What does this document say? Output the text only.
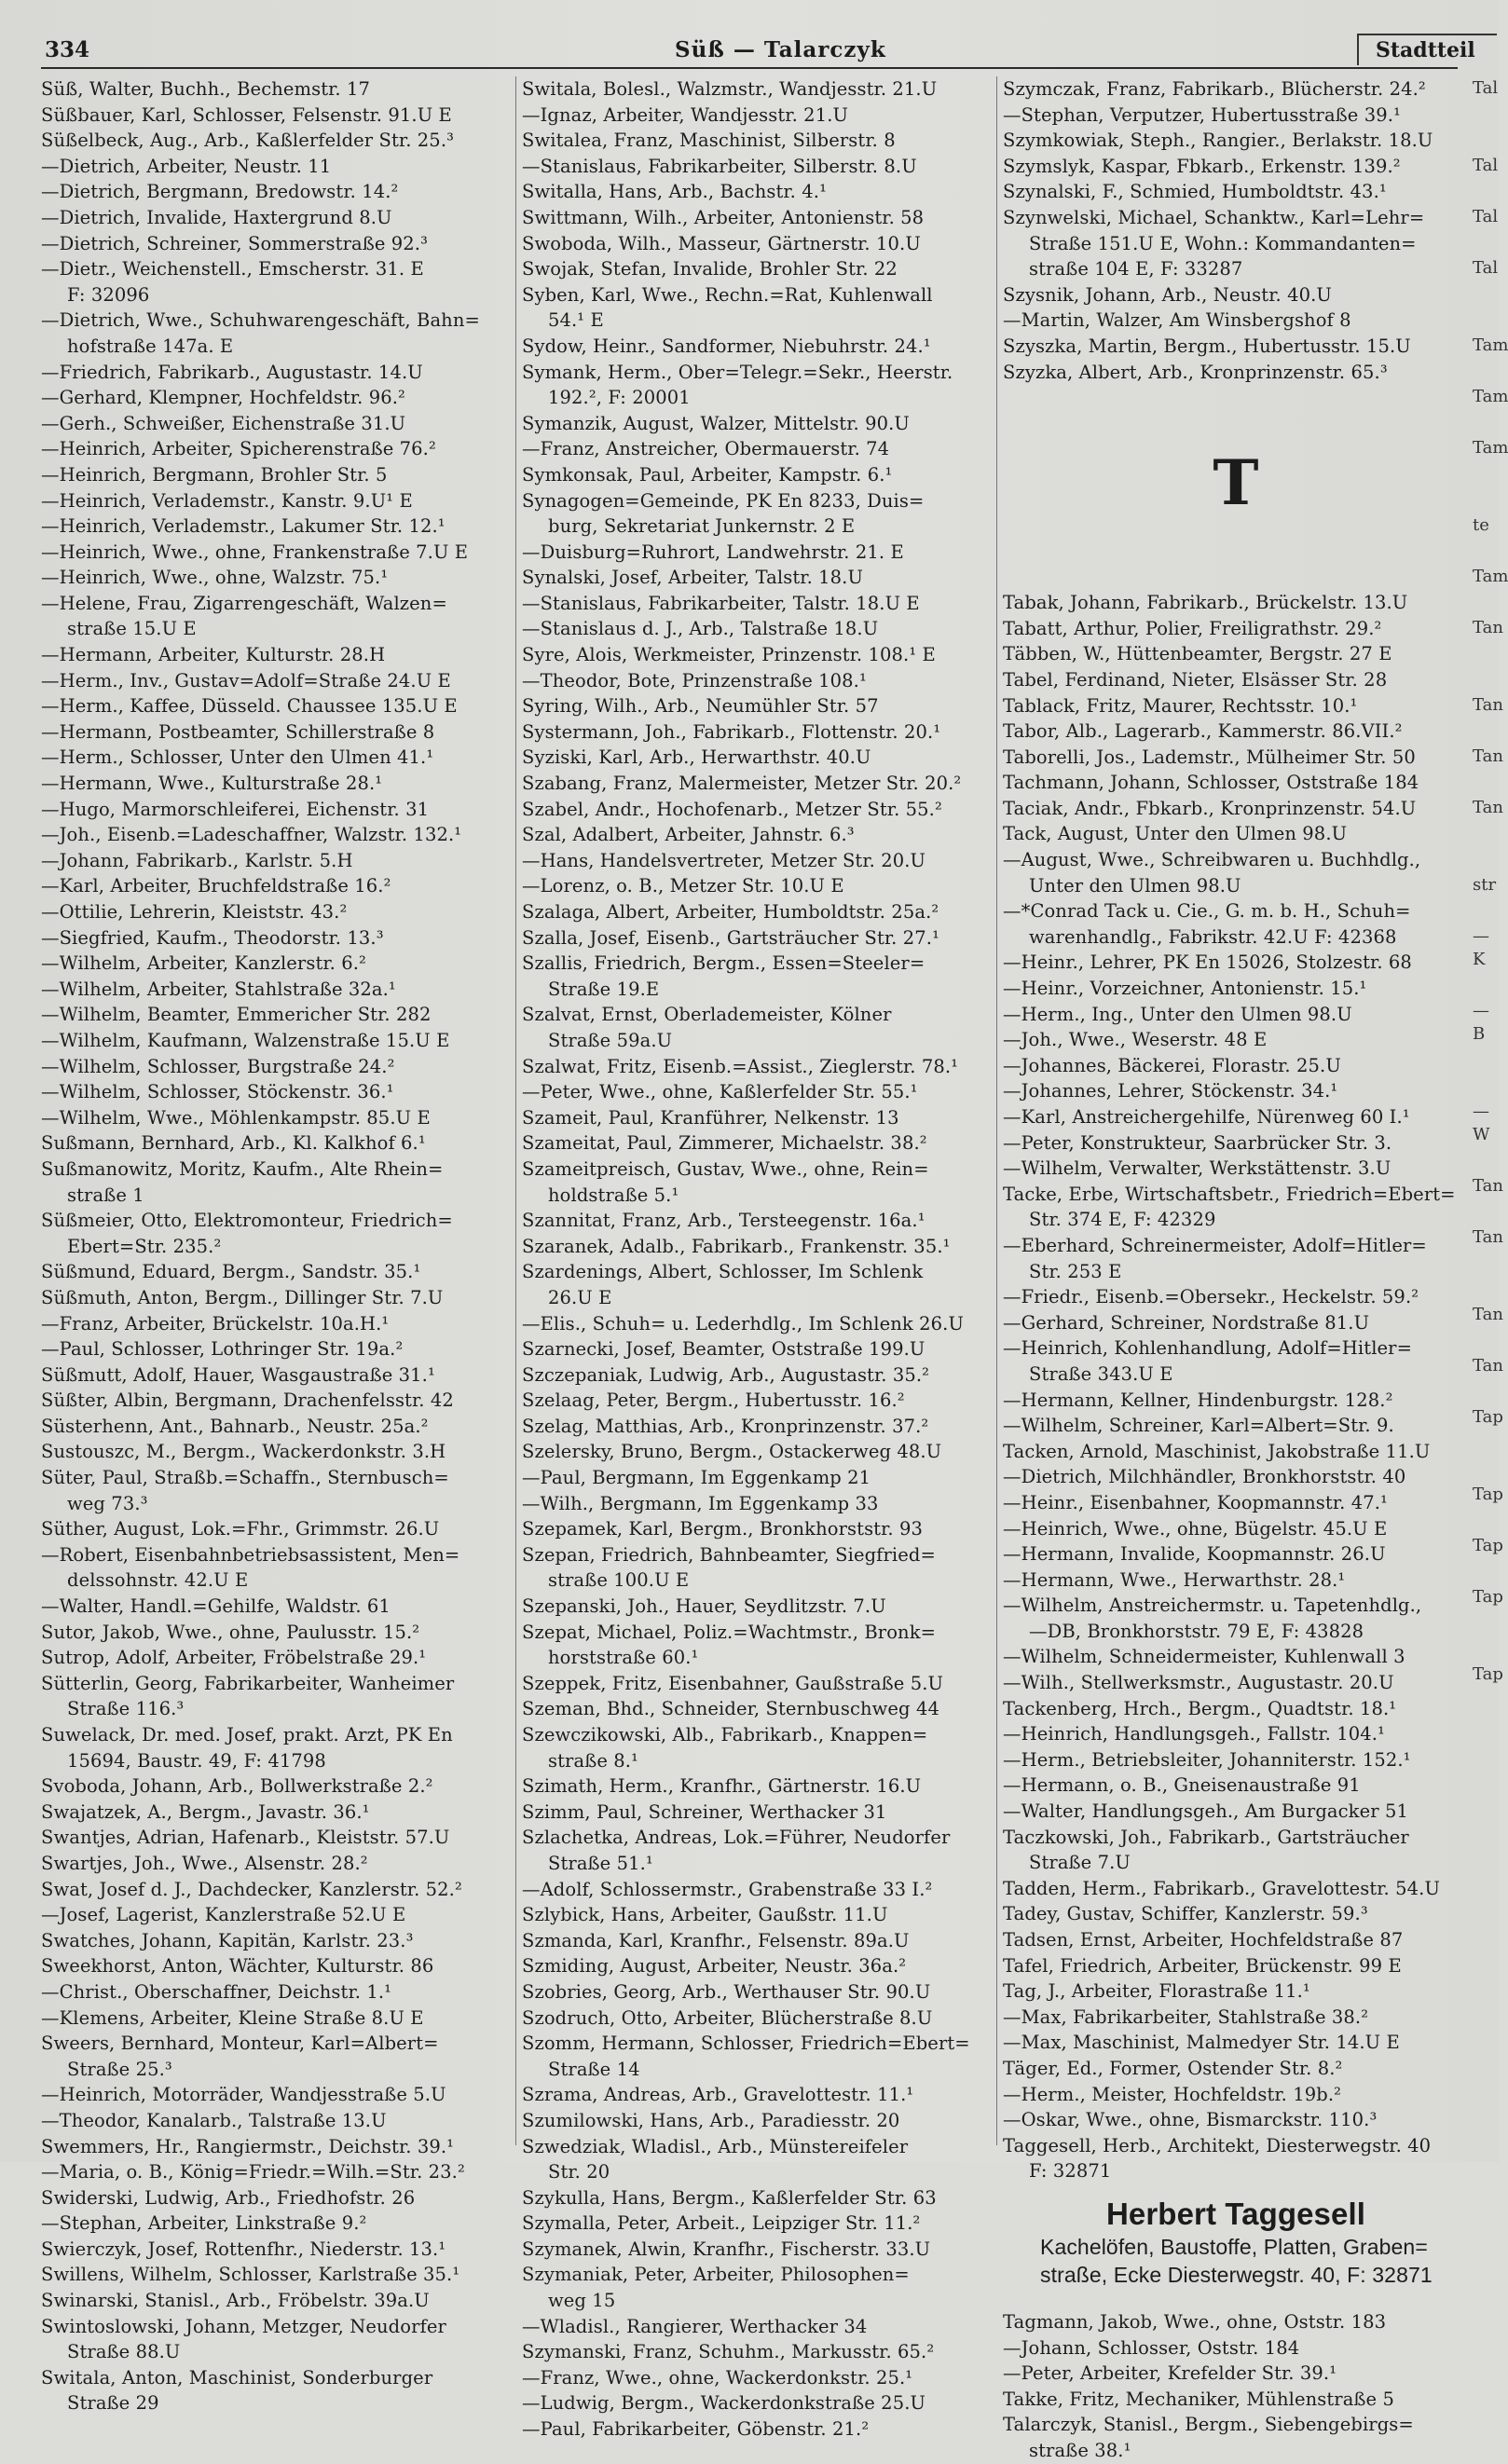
334	Süß — Talarczyk	Stadtteil
Süß, Walter, Buchh., Bechemstr. 17
Süßbauer, Karl, Schlosser, Felsenstr. 91.U E
Süßelbeck, Aug., Arb., Kaßlerfelder Str. 25.³
—Dietrich, Arbeiter, Neustr. 11
—Dietrich, Bergmann, Bredowstr. 14.²
—Dietrich, Invalide, Haxtergrund 8.U
—Dietrich, Schreiner, Sommerstraße 92.³
—Dietr., Weichenstell., Emscherstr. 31. E
F: 32096
—Dietrich, Wwe., Schuhwarengeschäft, Bahn=
hofstraße 147a. E
—Friedrich, Fabrikarb., Augustastr. 14.U
—Gerhard, Klempner, Hochfeldstr. 96.²
—Gerh., Schweißer, Eichenstraße 31.U
—Heinrich, Arbeiter, Spicherenstraße 76.²
—Heinrich, Bergmann, Brohler Str. 5
—Heinrich, Verlademstr., Kanstr. 9.U¹ E
—Heinrich, Verlademstr., Lakumer Str. 12.¹
—Heinrich, Wwe., ohne, Frankenstraße 7.U E
—Heinrich, Wwe., ohne, Walzstr. 75.¹
—Helene, Frau, Zigarrengeschäft, Walzen=
straße 15.U E
—Hermann, Arbeiter, Kulturstr. 28.H
—Herm., Inv., Gustav=Adolf=Straße 24.U E
—Herm., Kaffee, Düsseld. Chaussee 135.U E
—Hermann, Postbeamter, Schillerstraße 8
—Herm., Schlosser, Unter den Ulmen 41.¹
—Hermann, Wwe., Kulturstraße 28.¹
—Hugo, Marmorschleiferei, Eichenstr. 31
—Joh., Eisenb.=Ladeschaffner, Walzstr. 132.¹
—Johann, Fabrikarb., Karlstr. 5.H
—Karl, Arbeiter, Bruchfeldstraße 16.²
—Ottilie, Lehrerin, Kleiststr. 43.²
—Siegfried, Kaufm., Theodorstr. 13.³
—Wilhelm, Arbeiter, Kanzlerstr. 6.²
—Wilhelm, Arbeiter, Stahlstraße 32a.¹
—Wilhelm, Beamter, Emmericher Str. 282
—Wilhelm, Kaufmann, Walzenstraße 15.U E
—Wilhelm, Schlosser, Burgstraße 24.²
—Wilhelm, Schlosser, Stöckenstr. 36.¹
—Wilhelm, Wwe., Möhlenkampstr. 85.U E
Sußmann, Bernhard, Arb., Kl. Kalkhof 6.¹
Sußmanowitz, Moritz, Kaufm., Alte Rhein=
straße 1
Süßmeier, Otto, Elektromonteur, Friedrich=
Ebert=Str. 235.²
Süßmund, Eduard, Bergm., Sandstr. 35.¹
Süßmuth, Anton, Bergm., Dillinger Str. 7.U
—Franz, Arbeiter, Brückelstr. 10a.H.¹
—Paul, Schlosser, Lothringer Str. 19a.²
Süßmutt, Adolf, Hauer, Wasgaustraße 31.¹
Süßter, Albin, Bergmann, Drachenfelsstr. 42
Süsterhenn, Ant., Bahnarb., Neustr. 25a.²
Sustouszc, M., Bergm., Wackerdonkstr. 3.H
Süter, Paul, Straßb.=Schaffn., Sternbusch=
weg 73.³
Süther, August, Lok.=Fhr., Grimmstr. 26.U
—Robert, Eisenbahnbetriebsassistent, Men=
delssohnstr. 42.U E
—Walter, Handl.=Gehilfe, Waldstr. 61
Sutor, Jakob, Wwe., ohne, Paulusstr. 15.²
Sutrop, Adolf, Arbeiter, Fröbelstraße 29.¹
Sütterlin, Georg, Fabrikarbeiter, Wanheimer
Straße 116.³
Suwelack, Dr. med. Josef, prakt. Arzt, PK En
15694, Baustr. 49, F: 41798
Svoboda, Johann, Arb., Bollwerkstraße 2.²
Swajatzek, A., Bergm., Javastr. 36.¹
Swantjes, Adrian, Hafenarb., Kleiststr. 57.U
Swartjes, Joh., Wwe., Alsenstr. 28.²
Swat, Josef d. J., Dachdecker, Kanzlerstr. 52.²
—Josef, Lagerist, Kanzlerstraße 52.U E
Swatches, Johann, Kapitän, Karlstr. 23.³
Sweekhorst, Anton, Wächter, Kulturstr. 86
—Christ., Oberschaffner, Deichstr. 1.¹
—Klemens, Arbeiter, Kleine Straße 8.U E
Sweers, Bernhard, Monteur, Karl=Albert=
Straße 25.³
—Heinrich, Motorräder, Wandjesstraße 5.U
—Theodor, Kanalarb., Talstraße 13.U
Swemmers, Hr., Rangiermstr., Deichstr. 39.¹
—Maria, o. B., König=Friedr.=Wilh.=Str. 23.²
Swiderski, Ludwig, Arb., Friedhofstr. 26
—Stephan, Arbeiter, Linkstraße 9.²
Swierczyk, Josef, Rottenfhr., Niederstr. 13.¹
Swillens, Wilhelm, Schlosser, Karlstraße 35.¹
Swinarski, Stanisl., Arb., Fröbelstr. 39a.U
Swintoslowski, Johann, Metzger, Neudorfer
Straße 88.U
Switala, Anton, Maschinist, Sonderburger
Straße 29
Switala, Bolesl., Walzmstr., Wandjesstr. 21.U
—Ignaz, Arbeiter, Wandjesstr. 21.U
Switalea, Franz, Maschinist, Silberstr. 8
—Stanislaus, Fabrikarbeiter, Silberstr. 8.U
Switalla, Hans, Arb., Bachstr. 4.¹
Swittmann, Wilh., Arbeiter, Antonienstr. 58
Swoboda, Wilh., Masseur, Gärtnerstr. 10.U
Swojak, Stefan, Invalide, Brohler Str. 22
Syben, Karl, Wwe., Rechn.=Rat, Kuhlenwall
54.¹ E
Sydow, Heinr., Sandformer, Niebuhrstr. 24.¹
Symank, Herm., Ober=Telegr.=Sekr., Heerstr.
192.², F: 20001
Symanzik, August, Walzer, Mittelstr. 90.U
—Franz, Anstreicher, Obermauerstr. 74
Symkonsak, Paul, Arbeiter, Kampstr. 6.¹
Synagogen=Gemeinde, PK En 8233, Duis=
burg, Sekretariat Junkernstr. 2 E
—Duisburg=Ruhrort, Landwehrstr. 21. E
Synalski, Josef, Arbeiter, Talstr. 18.U
—Stanislaus, Fabrikarbeiter, Talstr. 18.U E
—Stanislaus d. J., Arb., Talstraße 18.U
Syre, Alois, Werkmeister, Prinzenstr. 108.¹ E
—Theodor, Bote, Prinzenstraße 108.¹
Syring, Wilh., Arb., Neumühler Str. 57
Systermann, Joh., Fabrikarb., Flottenstr. 20.¹
Syziski, Karl, Arb., Herwarthstr. 40.U
Szabang, Franz, Malermeister, Metzer Str. 20.²
Szabel, Andr., Hochofenarb., Metzer Str. 55.²
Szal, Adalbert, Arbeiter, Jahnstr. 6.³
—Hans, Handelsvertreter, Metzer Str. 20.U
—Lorenz, o. B., Metzer Str. 10.U E
Szalaga, Albert, Arbeiter, Humboldtstr. 25a.²
Szalla, Josef, Eisenb., Gartsträucher Str. 27.¹
Szallis, Friedrich, Bergm., Essen=Steeler=
Straße 19.E
Szalvat, Ernst, Oberlademeister, Kölner
Straße 59a.U
Szalwat, Fritz, Eisenb.=Assist., Zieglerstr. 78.¹
—Peter, Wwe., ohne, Kaßlerfelder Str. 55.¹
Szameit, Paul, Kranführer, Nelkenstr. 13
Szameitat, Paul, Zimmerer, Michaelstr. 38.²
Szameitpreisch, Gustav, Wwe., ohne, Rein=
holdstraße 5.¹
Szannitat, Franz, Arb., Tersteegenstr. 16a.¹
Szaranek, Adalb., Fabrikarb., Frankenstr. 35.¹
Szardenings, Albert, Schlosser, Im Schlenk
26.U E
—Elis., Schuh= u. Lederhdlg., Im Schlenk 26.U
Szarnecki, Josef, Beamter, Oststraße 199.U
Szczepaniak, Ludwig, Arb., Augustastr. 35.²
Szelaag, Peter, Bergm., Hubertusstr. 16.²
Szelag, Matthias, Arb., Kronprinzenstr. 37.²
Szelersky, Bruno, Bergm., Ostackerweg 48.U
—Paul, Bergmann, Im Eggenkamp 21
—Wilh., Bergmann, Im Eggenkamp 33
Szepamek, Karl, Bergm., Bronkhorststr. 93
Szepan, Friedrich, Bahnbeamter, Siegfried=
straße 100.U E
Szepanski, Joh., Hauer, Seydlitzstr. 7.U
Szepat, Michael, Poliz.=Wachtmstr., Bronk=
horststraße 60.¹
Szeppek, Fritz, Eisenbahner, Gaußstraße 5.U
Szeman, Bhd., Schneider, Sternbuschweg 44
Szewczikowski, Alb., Fabrikarb., Knappen=
straße 8.¹
Szimath, Herm., Kranfhr., Gärtnerstr. 16.U
Szimm, Paul, Schreiner, Werthacker 31
Szlachetka, Andreas, Lok.=Führer, Neudorfer
Straße 51.¹
—Adolf, Schlossermstr., Grabenstraße 33 I.²
Szlybick, Hans, Arbeiter, Gaußstr. 11.U
Szmanda, Karl, Kranfhr., Felsenstr. 89a.U
Szmiding, August, Arbeiter, Neustr. 36a.²
Szobries, Georg, Arb., Werthauser Str. 90.U
Szodruch, Otto, Arbeiter, Blücherstraße 8.U
Szomm, Hermann, Schlosser, Friedrich=Ebert=
Straße 14
Szrama, Andreas, Arb., Gravelottestr. 11.¹
Szumilowski, Hans, Arb., Paradiesstr. 20
Szwedziak, Wladisl., Arb., Münstereifeler
Str. 20
Szykulla, Hans, Bergm., Kaßlerfelder Str. 63
Szymalla, Peter, Arbeit., Leipziger Str. 11.²
Szymanek, Alwin, Kranfhr., Fischerstr. 33.U
Szymaniak, Peter, Arbeiter, Philosophen=
weg 15
—Wladisl., Rangierer, Werthacker 34
Szymanski, Franz, Schuhm., Markusstr. 65.²
—Franz, Wwe., ohne, Wackerdonkstr. 25.¹
—Ludwig, Bergm., Wackerdonkstraße 25.U
—Paul, Fabrikarbeiter, Göbenstr. 21.²
Szymczak, Franz, Fabrikarb., Blücherstr. 24.²
—Stephan, Verputzer, Hubertusstraße 39.¹
Szymkowiak, Steph., Rangier., Berlakstr. 18.U
Szymslyk, Kaspar, Fbkarb., Erkenstr. 139.²
Szynalski, F., Schmied, Humboldtstr. 43.¹
Szynwelski, Michael, Schanktw., Karl=Lehr=
Straße 151.U E, Wohn.: Kommandanten=
straße 104 E, F: 33287
Szysnik, Johann, Arb., Neustr. 40.U
—Martin, Walzer, Am Winsbergshof 8
Szyszka, Martin, Bergm., Hubertusstr. 15.U
Szyzka, Albert, Arb., Kronprinzenstr. 65.³
T
Tabak, Johann, Fabrikarb., Brückelstr. 13.U
Tabatt, Arthur, Polier, Freiligrathstr. 29.²
Täbben, W., Hüttenbeamter, Bergstr. 27 E
Tabel, Ferdinand, Nieter, Elsässer Str. 28
Tablack, Fritz, Maurer, Rechtsstr. 10.¹
Tabor, Alb., Lagerarb., Kammerstr. 86.VII.²
Taborelli, Jos., Lademstr., Mülheimer Str. 50
Tachmann, Johann, Schlosser, Oststraße 184
Taciak, Andr., Fbkarb., Kronprinzenstr. 54.U
Tack, August, Unter den Ulmen 98.U
—August, Wwe., Schreibwaren u. Buchhdlg.,
Unter den Ulmen 98.U
—*Conrad Tack u. Cie., G. m. b. H., Schuh=
warenhandlg., Fabrikstr. 42.U F: 42368
—Heinr., Lehrer, PK En 15026, Stolzestr. 68
—Heinr., Vorzeichner, Antonienstr. 15.¹
—Herm., Ing., Unter den Ulmen 98.U
—Joh., Wwe., Weserstr. 48 E
—Johannes, Bäckerei, Florastr. 25.U
—Johannes, Lehrer, Stöckenstr. 34.¹
—Karl, Anstreichergehilfe, Nürenweg 60 I.¹
—Peter, Konstrukteur, Saarbrücker Str. 3.
—Wilhelm, Verwalter, Werkstättenstr. 3.U
Tacke, Erbe, Wirtschaftsbetr., Friedrich=Ebert=
Str. 374 E, F: 42329
—Eberhard, Schreinermeister, Adolf=Hitler=
Str. 253 E
—Friedr., Eisenb.=Obersekr., Heckelstr. 59.²
—Gerhard, Schreiner, Nordstraße 81.U
—Heinrich, Kohlenhandlung, Adolf=Hitler=
Straße 343.U E
—Hermann, Kellner, Hindenburgstr. 128.²
—Wilhelm, Schreiner, Karl=Albert=Str. 9.
Tacken, Arnold, Maschinist, Jakobstraße 11.U
—Dietrich, Milchhändler, Bronkhorststr. 40
—Heinr., Eisenbahner, Koopmannstr. 47.¹
—Heinrich, Wwe., ohne, Bügelstr. 45.U E
—Hermann, Invalide, Koopmannstr. 26.U
—Hermann, Wwe., Herwarthstr. 28.¹
—Wilhelm, Anstreichermstr. u. Tapetenhdlg.,
—DB, Bronkhorststr. 79 E, F: 43828
—Wilhelm, Schneidermeister, Kuhlenwall 3
—Wilh., Stellwerksmstr., Augustastr. 20.U
Tackenberg, Hrch., Bergm., Quadtstr. 18.¹
—Heinrich, Handlungsgeh., Fallstr. 104.¹
—Herm., Betriebsleiter, Johanniterstr. 152.¹
—Hermann, o. B., Gneisenaustraße 91
—Walter, Handlungsgeh., Am Burgacker 51
Taczkowski, Joh., Fabrikarb., Gartsträucher
Straße 7.U
Tadden, Herm., Fabrikarb., Gravelottestr. 54.U
Tadey, Gustav, Schiffer, Kanzlerstr. 59.³
Tadsen, Ernst, Arbeiter, Hochfeldstraße 87
Tafel, Friedrich, Arbeiter, Brückenstr. 99 E
Tag, J., Arbeiter, Florastraße 11.¹
—Max, Fabrikarbeiter, Stahlstraße 38.²
—Max, Maschinist, Malmedyer Str. 14.U E
Täger, Ed., Former, Ostender Str. 8.²
—Herm., Meister, Hochfeldstr. 19b.²
—Oskar, Wwe., ohne, Bismarckstr. 110.³
Taggesell, Herb., Architekt, Diesterwegstr. 40
F: 32871
Herbert Taggesell
Kachelöfen, Baustoffe, Platten, Graben=
straße, Ecke Diesterwegstr. 40, F: 32871
Tagmann, Jakob, Wwe., ohne, Oststr. 183
—Johann, Schlosser, Oststr. 184
—Peter, Arbeiter, Krefelder Str. 39.¹
Takke, Fritz, Mechaniker, Mühlenstraße 5
Talarczyk, Stanisl., Bergm., Siebengebirgs=
straße 38.¹
Tal
Tal
Tal
Tal
Tam
Tam
Tam
te
Tam
Tan
Tan
Tan
Tan
str
—K
—B
—W
Tan
Tan
Tan
Tan
Tap
Tap
Tap
Tap
Tap
